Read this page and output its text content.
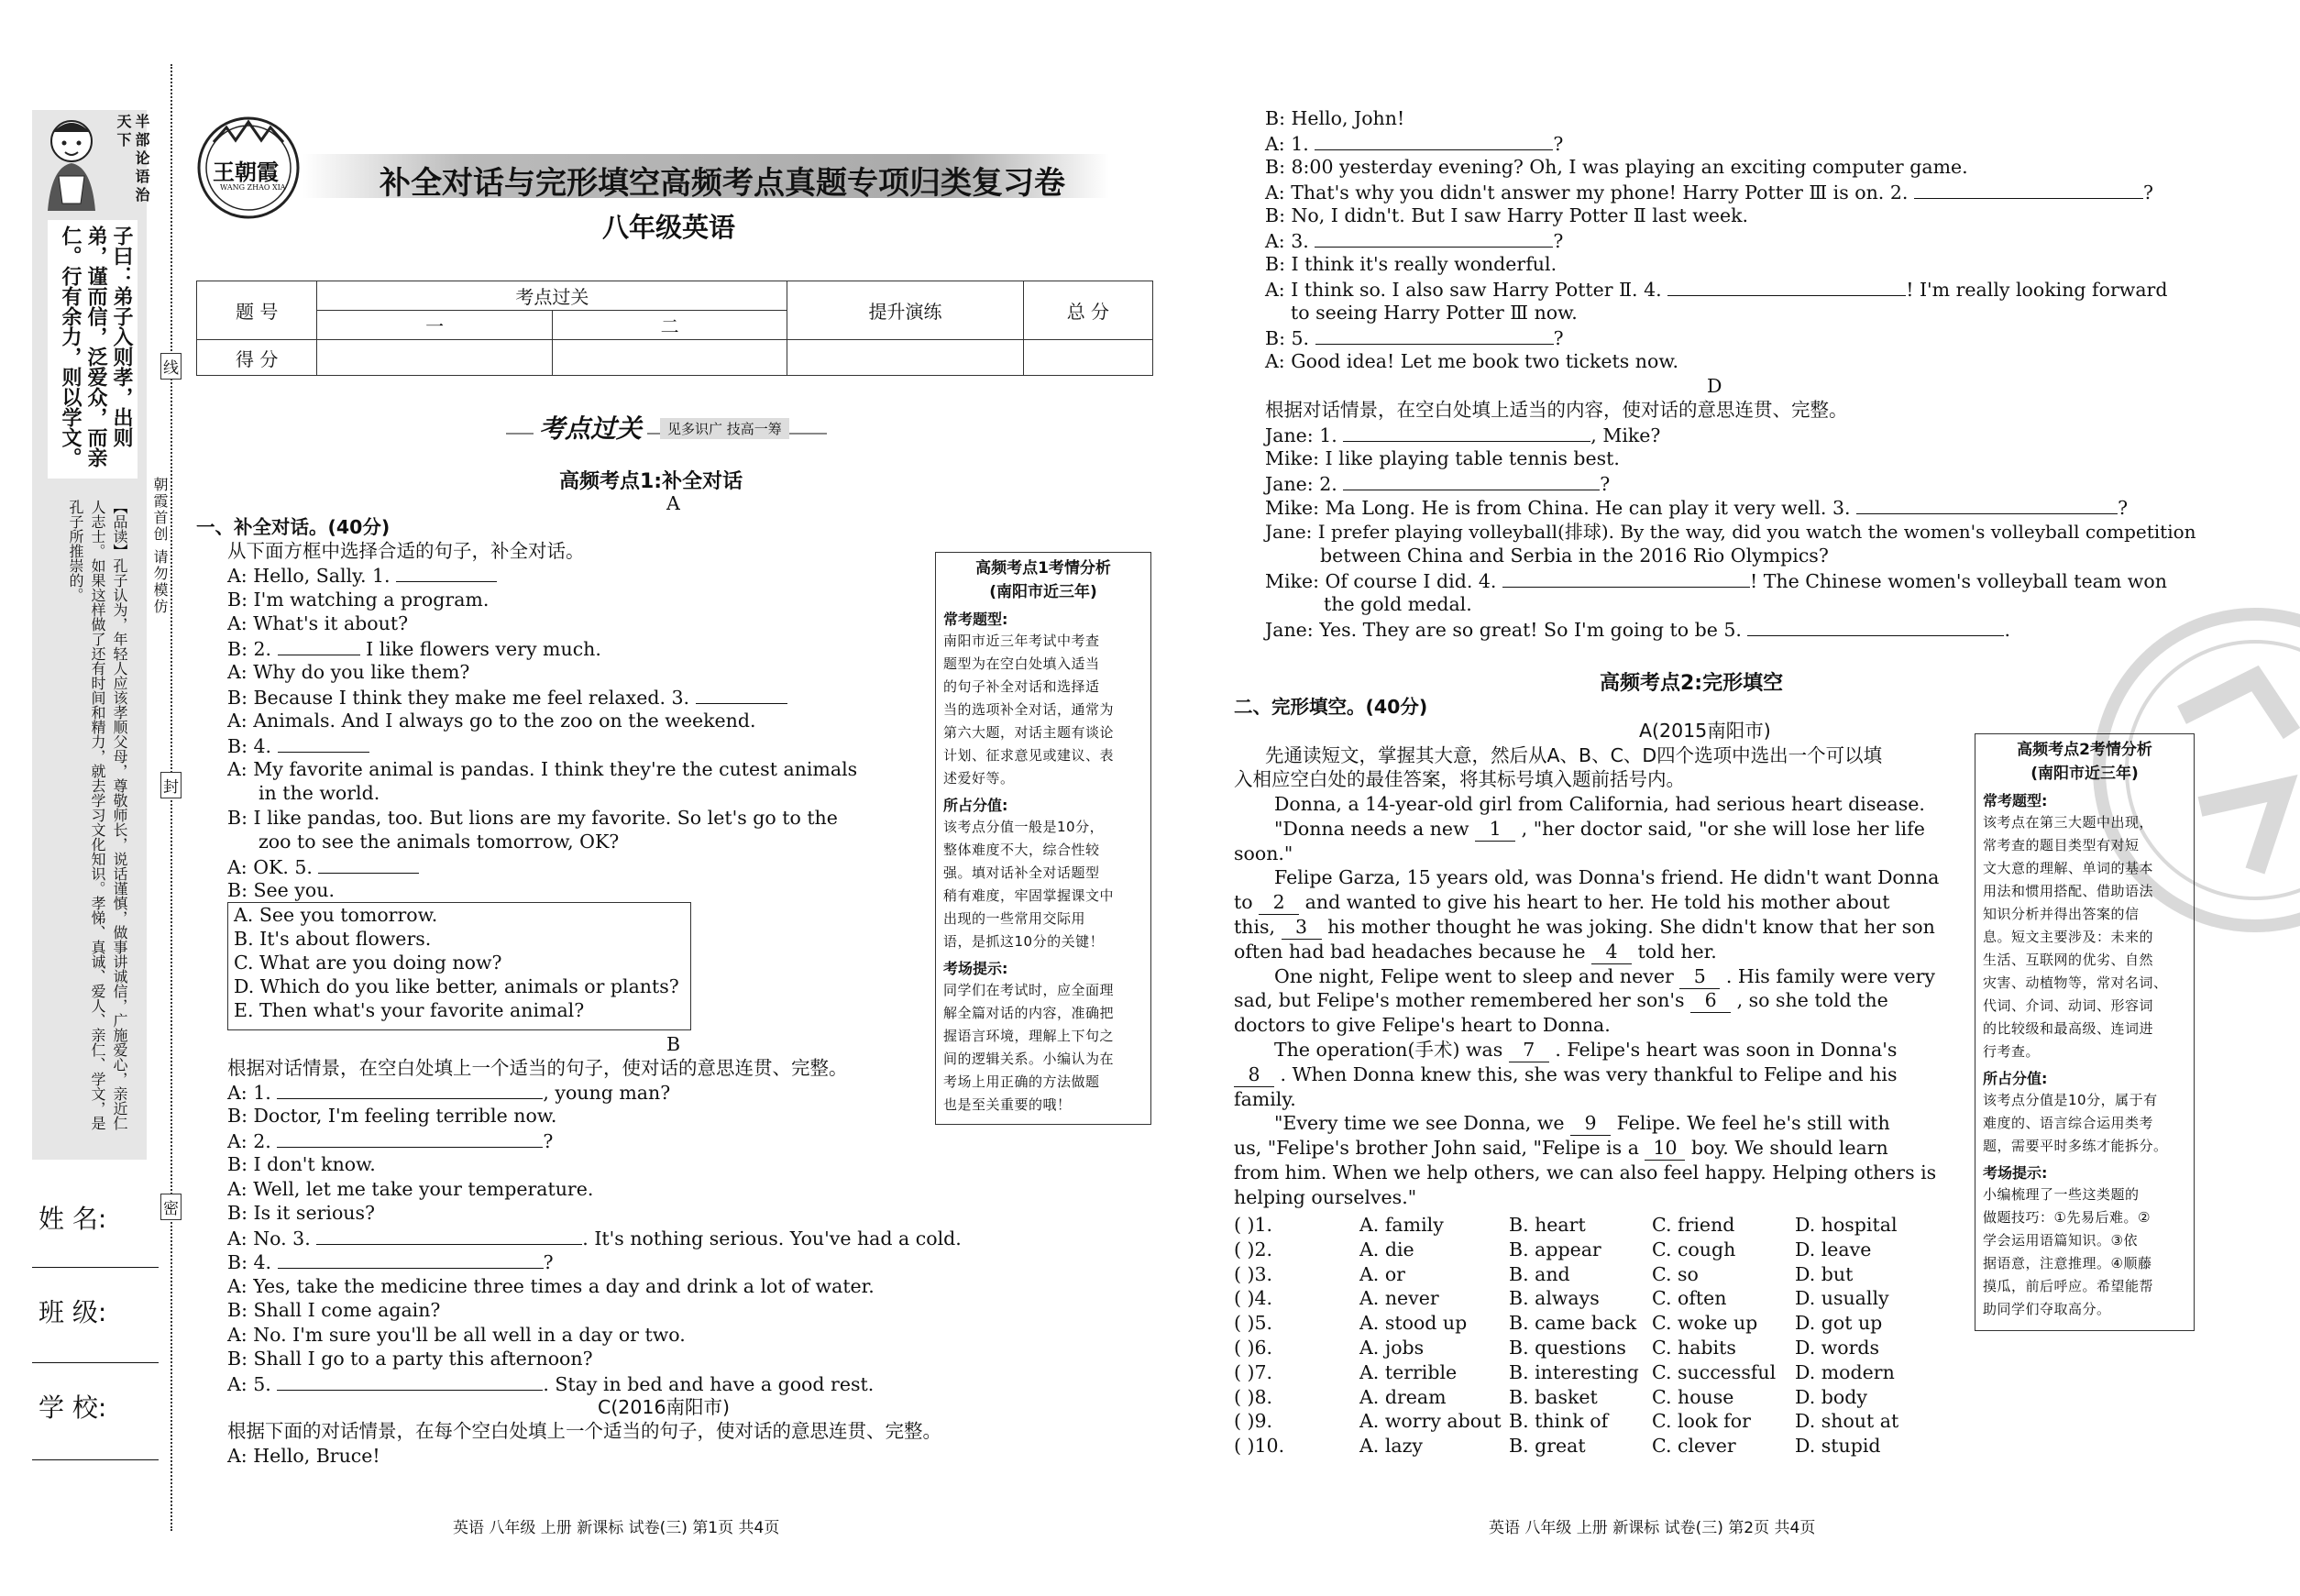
半部论语治天下
子曰：弟子入则孝，出则弟，谨而信，泛爱众，而亲仁。行有余力，则以学文。
【品读】孔子认为，年轻人应该孝顺父母，尊敬师长，说话谨慎，做事讲诚信，广施爱心，亲近仁人志士。如果这样做了还有时间和精力，就去学习文化知识。孝悌、真诚、爱人、亲仁、学文，是孔子所推崇的。
姓 名:
班 级:
学 校:
线
封
密
朝霞首创 请勿模仿
王朝霞
WANG ZHAO XIA	补全对话与完形填空高频考点真题专项归类复习卷
八年级英语
题 号	考点过关		提升演练	总 分
	一	二		
得 分				
考点过关	见多识广 技高一筹
高频考点1:补全对话
A
一、补全对话。(40分)
从下面方框中选择合适的句子，补全对话。
A: Hello, Sally. 1.
B: I'm watching a program.
A: What's it about?
B: 2.	I like flowers very much.
A: Why do you like them?
B: Because I think they make me feel relaxed. 3.
A: Animals. And I always go to the zoo on the weekend.
B: 4.
A: My favorite animal is pandas. I think they're the cutest animals
in the world.
B: I like pandas, too. But lions are my favorite. So let's go to the
zoo to see the animals tomorrow, OK?
A: OK. 5.
B: See you.
A. See you tomorrow.
B. It's about flowers.
C. What are you doing now?
D. Which do you like better, animals or plants?
E. Then what's your favorite animal?
B
根据对话情景，在空白处填上一个适当的句子，使对话的意思连贯、完整。
A: 1.	, young man?
B: Doctor, I'm feeling terrible now.
A: 2.	?
B: I don't know.
A: Well, let me take your temperature.
B: Is it serious?
A: No. 3.	. It's nothing serious. You've had a cold.
B: 4.	?
A: Yes, take the medicine three times a day and drink a lot of water.
B: Shall I come again?
A: No. I'm sure you'll be all well in a day or two.
B: Shall I go to a party this afternoon?
A: 5.	. Stay in bed and have a good rest.
C(2016南阳市)
根据下面的对话情景，在每个空白处填上一个适当的句子，使对话的意思连贯、完整。
A: Hello, Bruce!
高频考点1考情分析
(南阳市近三年)
常考题型:
南阳市近三年考试中考查
题型为在空白处填入适当
的句子补全对话和选择适
当的选项补全对话，通常为
第六大题，对话主题有谈论
计划、征求意见或建议、表
述爱好等。
所占分值:
该考点分值一般是10分，
整体难度不大，综合性较
强。填对话补全对话题型
稍有难度，牢固掌握课文中
出现的一些常用交际用
语，是抓这10分的关键！
考场提示:
同学们在考试时，应全面理
解全篇对话的内容，准确把
握语言环境，理解上下句之
间的逻辑关系。小编认为在
考场上用正确的方法做题
也是至关重要的哦！
B: Hello, John!
A: 1.	?
B: 8:00 yesterday evening? Oh, I was playing an exciting computer game.
A: That's why you didn't answer my phone! Harry Potter Ⅲ is on. 2.	?
B: No, I didn't. But I saw Harry Potter Ⅱ last week.
A: 3.	?
B: I think it's really wonderful.
A: I think so. I also saw Harry Potter Ⅱ. 4.	! I'm really looking forward
to seeing Harry Potter Ⅲ now.
B: 5.	?
A: Good idea! Let me book two tickets now.
D
根据对话情景，在空白处填上适当的内容，使对话的意思连贯、完整。
Jane: 1.	, Mike?
Mike: I like playing table tennis best.
Jane: 2.	?
Mike: Ma Long. He is from China. He can play it very well. 3.	?
Jane: I prefer playing volleyball(排球). By the way, did you watch the women's volleyball competition
between China and Serbia in the 2016 Rio Olympics?
Mike: Of course I did. 4.	! The Chinese women's volleyball team won
the gold medal.
Jane: Yes. They are so great! So I'm going to be 5.	.
高频考点2:完形填空
二、完形填空。(40分)
A(2015南阳市)
先通读短文，掌握其大意，然后从A、B、C、D四个选项中选出一个可以填
入相应空白处的最佳答案，将其标号填入题前括号内。
Donna, a 14-year-old girl from California, had serious heart disease.
"Donna needs a new 1 , "her doctor said, "or she will lose her life
soon."
Felipe Garza, 15 years old, was Donna's friend. He didn't want Donna
to 2 and wanted to give his heart to her. He told his mother about
this, 3 his mother thought he was joking. She didn't know that her son
often had bad headaches because he 4 told her.
One night, Felipe went to sleep and never 5 . His family were very
sad, but Felipe's mother remembered her son's 6 , so she told the
doctors to give Felipe's heart to Donna.
The operation(手术) was 7 . Felipe's heart was soon in Donna's
8 . When Donna knew this, she was very thankful to Felipe and his
family.
"Every time we see Donna, we 9 Felipe. We feel he's still with
us, "Felipe's brother John said, "Felipe is a 10 boy. We should learn
from him. When we help others, we can also feel happy. Helping others is
helping ourselves."
( )1.	A. family	B. heart	C. friend	D. hospital
( )2.	A. die	B. appear	C. cough	D. leave
( )3.	A. or	B. and	C. so	D. but
( )4.	A. never	B. always	C. often	D. usually
( )5.	A. stood up B. came back C. woke up D. got up
( )6.	A. jobs	B. questions C. habits	D. words
( )7.	A. terrible	B. interesting C. successful D. modern
( )8.	A. dream	B. basket	C. house	D. body
( )9.	A. worry about B. think of C. look for D. shout at
( )10.	A. lazy	B. great	C. clever	D. stupid
高频考点2考情分析
(南阳市近三年)
常考题型:
该考点在第三大题中出现，
常考查的题目类型有对短
文大意的理解、单词的基本
用法和惯用搭配、借助语法
知识分析并得出答案的信
息。短文主要涉及：未来的
生活、互联网的优劣、自然
灾害、动植物等，常对名词、
代词、介词、动词、形容词
的比较级和最高级、连词进
行考查。
所占分值:
该考点分值是10分，属于有
难度的、语言综合运用类考
题，需要平时多练才能拆分。
考场提示:
小编梳理了一些这类题的
做题技巧：①先易后难。②
学会运用语篇知识。③依
据语意，注意推理。④顺藤
摸瓜，前后呼应。希望能帮
助同学们夺取高分。
英语 八年级 上册 新课标 试卷(三) 第1页 共4页	英语 八年级 上册 新课标 试卷(三) 第2页 共4页
